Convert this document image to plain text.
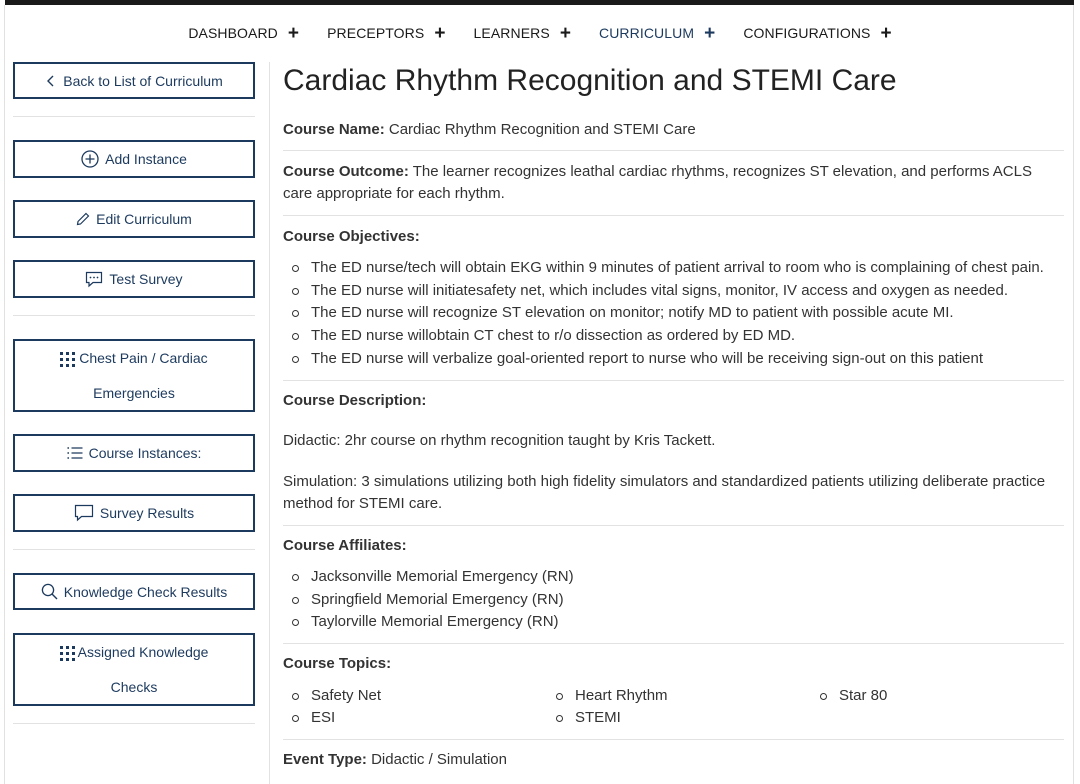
DASHBOARD + PRECEPTORS + LEARNERS + CURRICULUM + CONFIGURATIONS +
Back to List of Curriculum
Add Instance
Edit Curriculum
Test Survey
Chest Pain / Cardiac
Emergencies
Course Instances:
Survey Results
Knowledge Check Results
Assigned Knowledge
Checks
Cardiac Rhythm Recognition and STEMI Care
Course Name: Cardiac Rhythm Recognition and STEMI Care
Course Outcome: The learner recognizes leathal cardiac rhythms, recognizes ST elevation, and performs ACLS care appropriate for each rhythm.
Course Objectives:
The ED nurse/tech will obtain EKG within 9 minutes of patient arrival to room who is complaining of chest pain.
The ED nurse will initiatesafety net, which includes vital signs, monitor, IV access and oxygen as needed.
The ED nurse will recognize ST elevation on monitor; notify MD to patient with possible acute MI.
The ED nurse willobtain CT chest to r/o dissection as ordered by ED MD.
The ED nurse will verbalize goal-oriented report to nurse who will be receiving sign-out on this patient
Course Description:
Didactic: 2hr course on rhythm recognition taught by Kris Tackett.
Simulation: 3 simulations utilizing both high fidelity simulators and standardized patients utilizing deliberate practice method for STEMI care.
Course Affiliates:
Jacksonville Memorial Emergency (RN)
Springfield Memorial Emergency (RN)
Taylorville Memorial Emergency (RN)
Course Topics:
Safety Net	Heart Rhythm	Star 80
ESI	STEMI
Event Type: Didactic / Simulation
